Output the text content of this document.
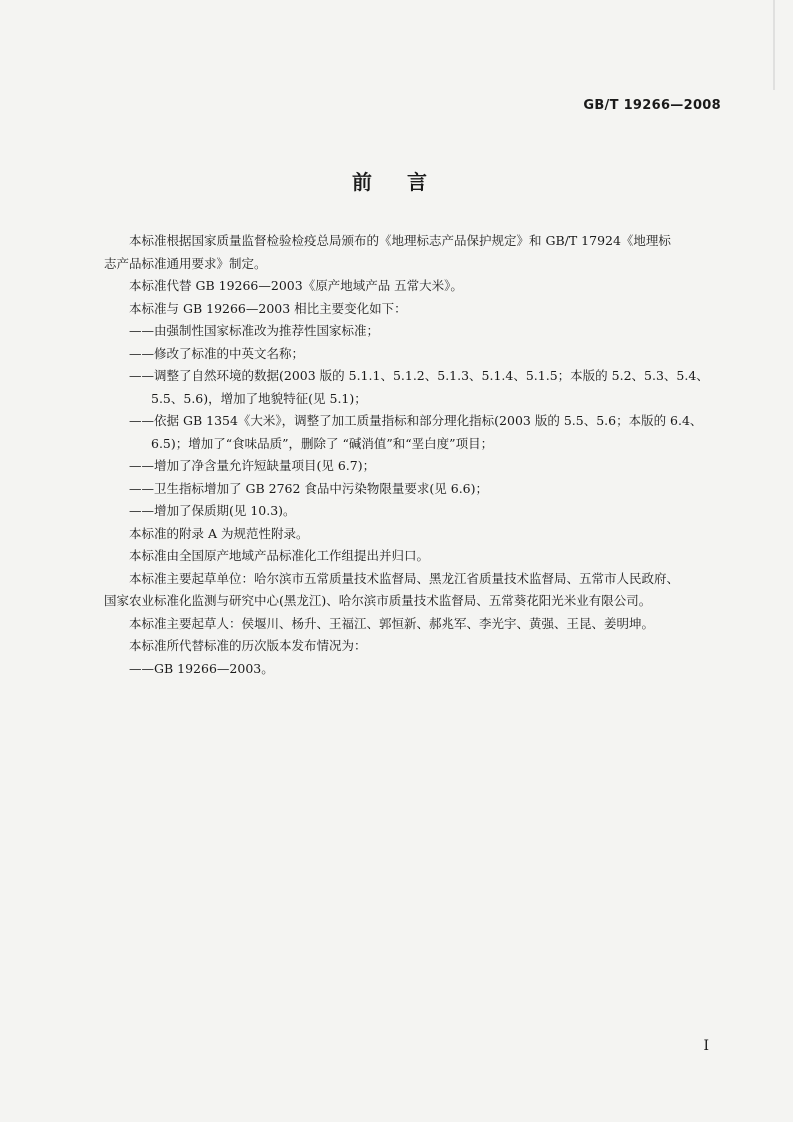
GB/T 19266—2008
前 言

本标准根据国家质量监督检验检疫总局颁布的《地理标志产品保护规定》和 GB/T 17924《地理标

志产品标准通用要求》制定。

本标准代替 GB 19266—2003《原产地域产品 五常大米》。

本标准与 GB 19266—2003 相比主要变化如下：

——由强制性国家标准改为推荐性国家标准；

——修改了标准的中英文名称；

——调整了自然环境的数据(2003 版的 5.1.1、5.1.2、5.1.3、5.1.4、5.1.5；本版的 5.2、5.3、5.4、

5.5、5.6)，增加了地貌特征(见 5.1)；

——依据 GB 1354《大米》，调整了加工质量指标和部分理化指标(2003 版的 5.5、5.6；本版的 6.4、

6.5)；增加了“食味品质”，删除了 “碱消值”和“垩白度”项目；

——增加了净含量允许短缺量项目(见 6.7)；

——卫生指标增加了 GB 2762 食品中污染物限量要求(见 6.6)；

——增加了保质期(见 10.3)。

本标准的附录 A 为规范性附录。

本标准由全国原产地域产品标准化工作组提出并归口。

本标准主要起草单位：哈尔滨市五常质量技术监督局、黑龙江省质量技术监督局、五常市人民政府、

国家农业标准化监测与研究中心(黑龙江)、哈尔滨市质量技术监督局、五常葵花阳光米业有限公司。

本标准主要起草人：侯堰川、杨升、王福江、郭恒新、郝兆军、李光宇、黄强、王昆、姜明坤。

本标准所代替标准的历次版本发布情况为：

——GB 19266—2003。

I
